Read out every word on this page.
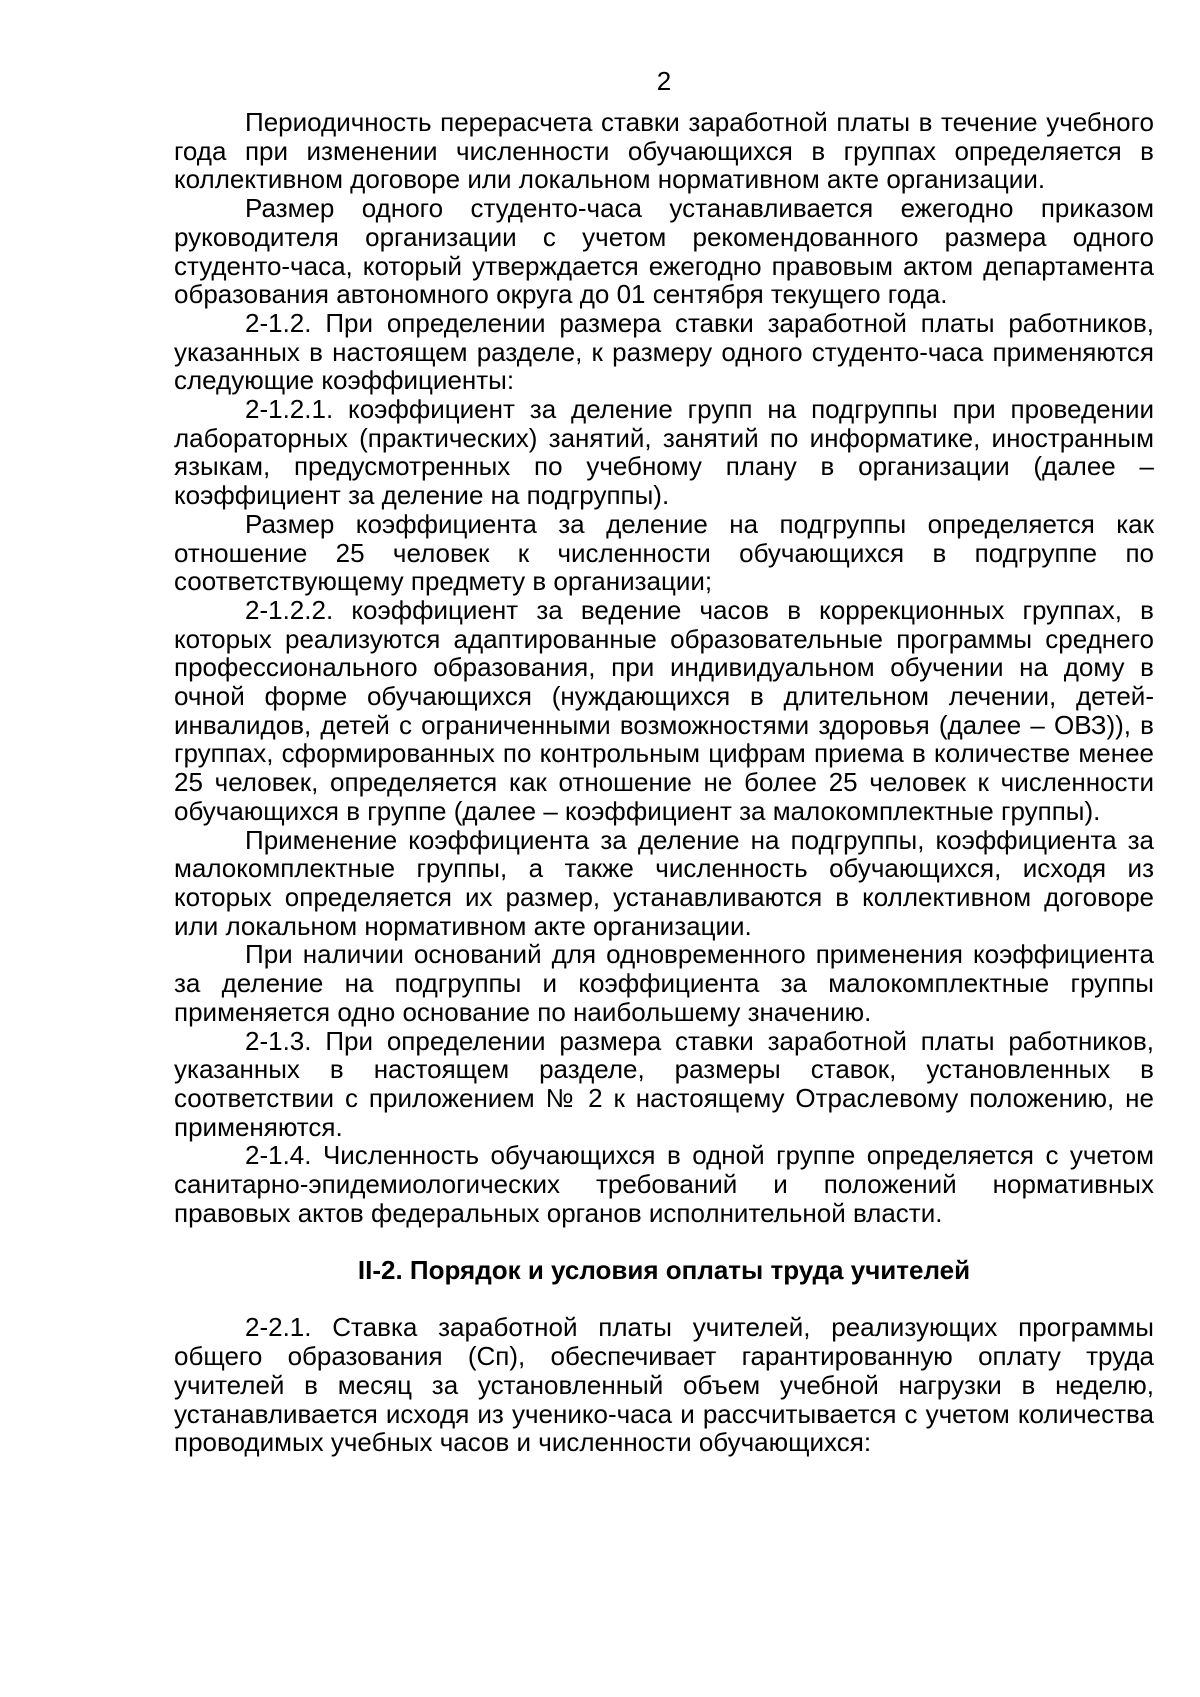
2

Периодичность перерасчета ставки заработной платы в течение учебного года при изменении численности обучающихся в группах определяется в коллективном договоре или локальном нормативном акте организации.

Размер одного студенто-часа устанавливается ежегодно приказом руководителя организации с учетом рекомендованного размера одного студенто-часа, который утверждается ежегодно правовым актом департамента образования автономного округа до 01 сентября текущего года.

2-1.2. При определении размера ставки заработной платы работников, указанных в настоящем разделе, к размеру одного студенто-часа применяются следующие коэффициенты:

2-1.2.1. коэффициент за деление групп на подгруппы при проведении лабораторных (практических) занятий, занятий по информатике, иностранным языкам, предусмотренных по учебному плану в организации (далее – коэффициент за деление на подгруппы).

Размер коэффициента за деление на подгруппы определяется как отношение 25 человек к численности обучающихся в подгруппе по соответствующему предмету в организации;

2-1.2.2. коэффициент за ведение часов в коррекционных группах, в которых реализуются адаптированные образовательные программы среднего профессионального образования, при индивидуальном обучении на дому в очной форме обучающихся (нуждающихся в длительном лечении, детей-инвалидов, детей с ограниченными возможностями здоровья (далее – ОВЗ)), в группах, сформированных по контрольным цифрам приема в количестве менее 25 человек, определяется как отношение не более 25 человек к численности обучающихся в группе (далее – коэффициент за малокомплектные группы).

Применение коэффициента за деление на подгруппы, коэффициента за малокомплектные группы, а также численность обучающихся, исходя из которых определяется их размер, устанавливаются в коллективном договоре или локальном нормативном акте организации.

При наличии оснований для одновременного применения коэффициента за деление на подгруппы и коэффициента за малокомплектные группы применяется одно основание по наибольшему значению.

2-1.3. При определении размера ставки заработной платы работников, указанных в настоящем разделе, размеры ставок, установленных в соответствии с приложением № 2 к настоящему Отраслевому положению, не применяются.

2-1.4. Численность обучающихся в одной группе определяется с учетом санитарно-эпидемиологических требований и положений нормативных правовых актов федеральных органов исполнительной власти.

II-2. Порядок и условия оплаты труда учителей

2-2.1. Ставка заработной платы учителей, реализующих программы общего образования (Сп), обеспечивает гарантированную оплату труда учителей в месяц за установленный объем учебной нагрузки в неделю, устанавливается исходя из ученико-часа и рассчитывается с учетом количества проводимых учебных часов и численности обучающихся:
